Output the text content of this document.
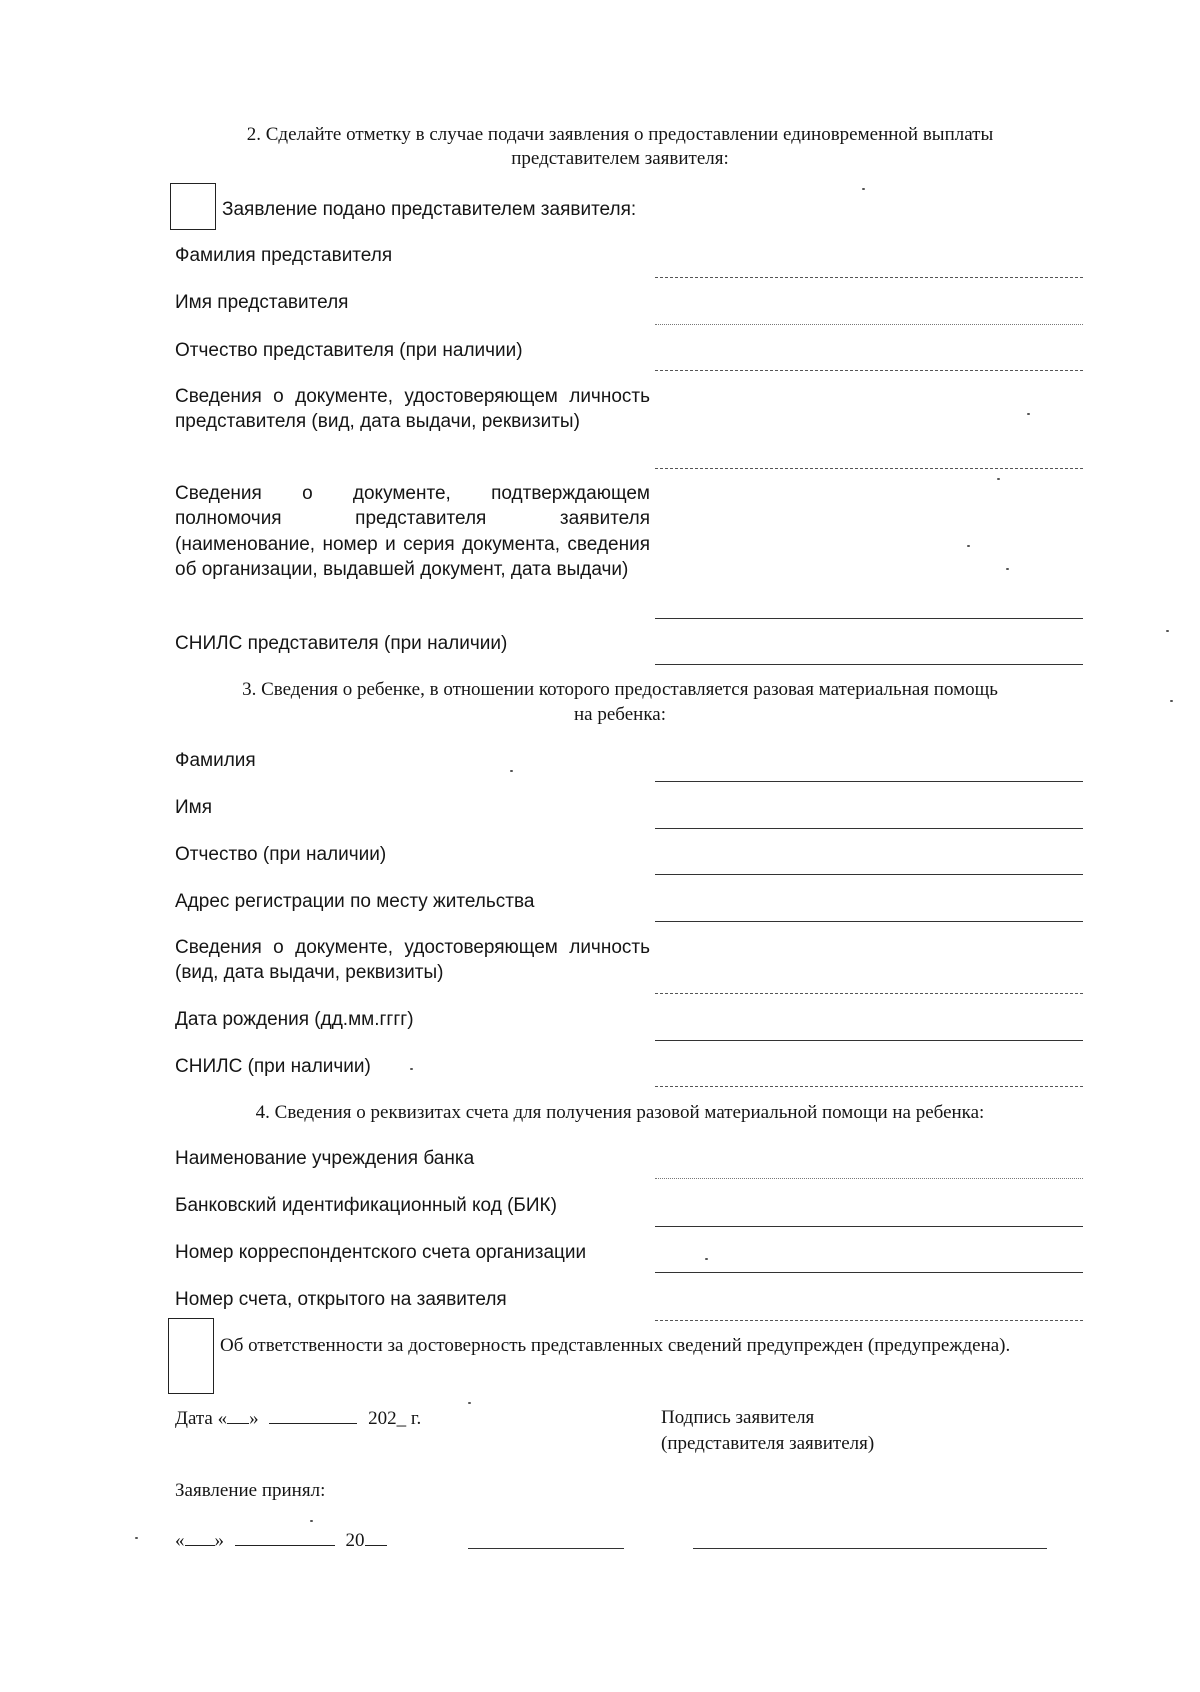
2. Сделайте отметку в случае подачи заявления о предоставлении единовременной выплаты
представителем заявителя:
Заявление подано представителем заявителя:
Фамилия представителя
Имя представителя
Отчество представителя (при наличии)
Сведения о документе, удостоверяющем личность представителя (вид, дата выдачи, реквизиты)
Сведения о документе, подтверждающем полномочия представителя заявителя (наименование, номер и серия документа, сведения об организации, выдавшей документ, дата выдачи)
СНИЛС представителя (при наличии)
3. Сведения о ребенке, в отношении которого предоставляется разовая материальная помощь
на ребенка:
Фамилия
Имя
Отчество (при наличии)
Адрес регистрации по месту жительства
Сведения о документе, удостоверяющем личность (вид, дата выдачи, реквизиты)
Дата рождения (дд.мм.гггг)
СНИЛС (при наличии)
4. Сведения о реквизитах счета для получения разовой материальной помощи на ребенка:
Наименование учреждения банка
Банковский идентификационный код (БИК)
Номер корреспондентского счета организации
Номер счета, открытого на заявителя
Об ответственности за достоверность представленных сведений предупрежден (предупреждена).
Дата « »	202_ г.	Подпись заявителя
(представителя заявителя)
Заявление принял:
« »	20
